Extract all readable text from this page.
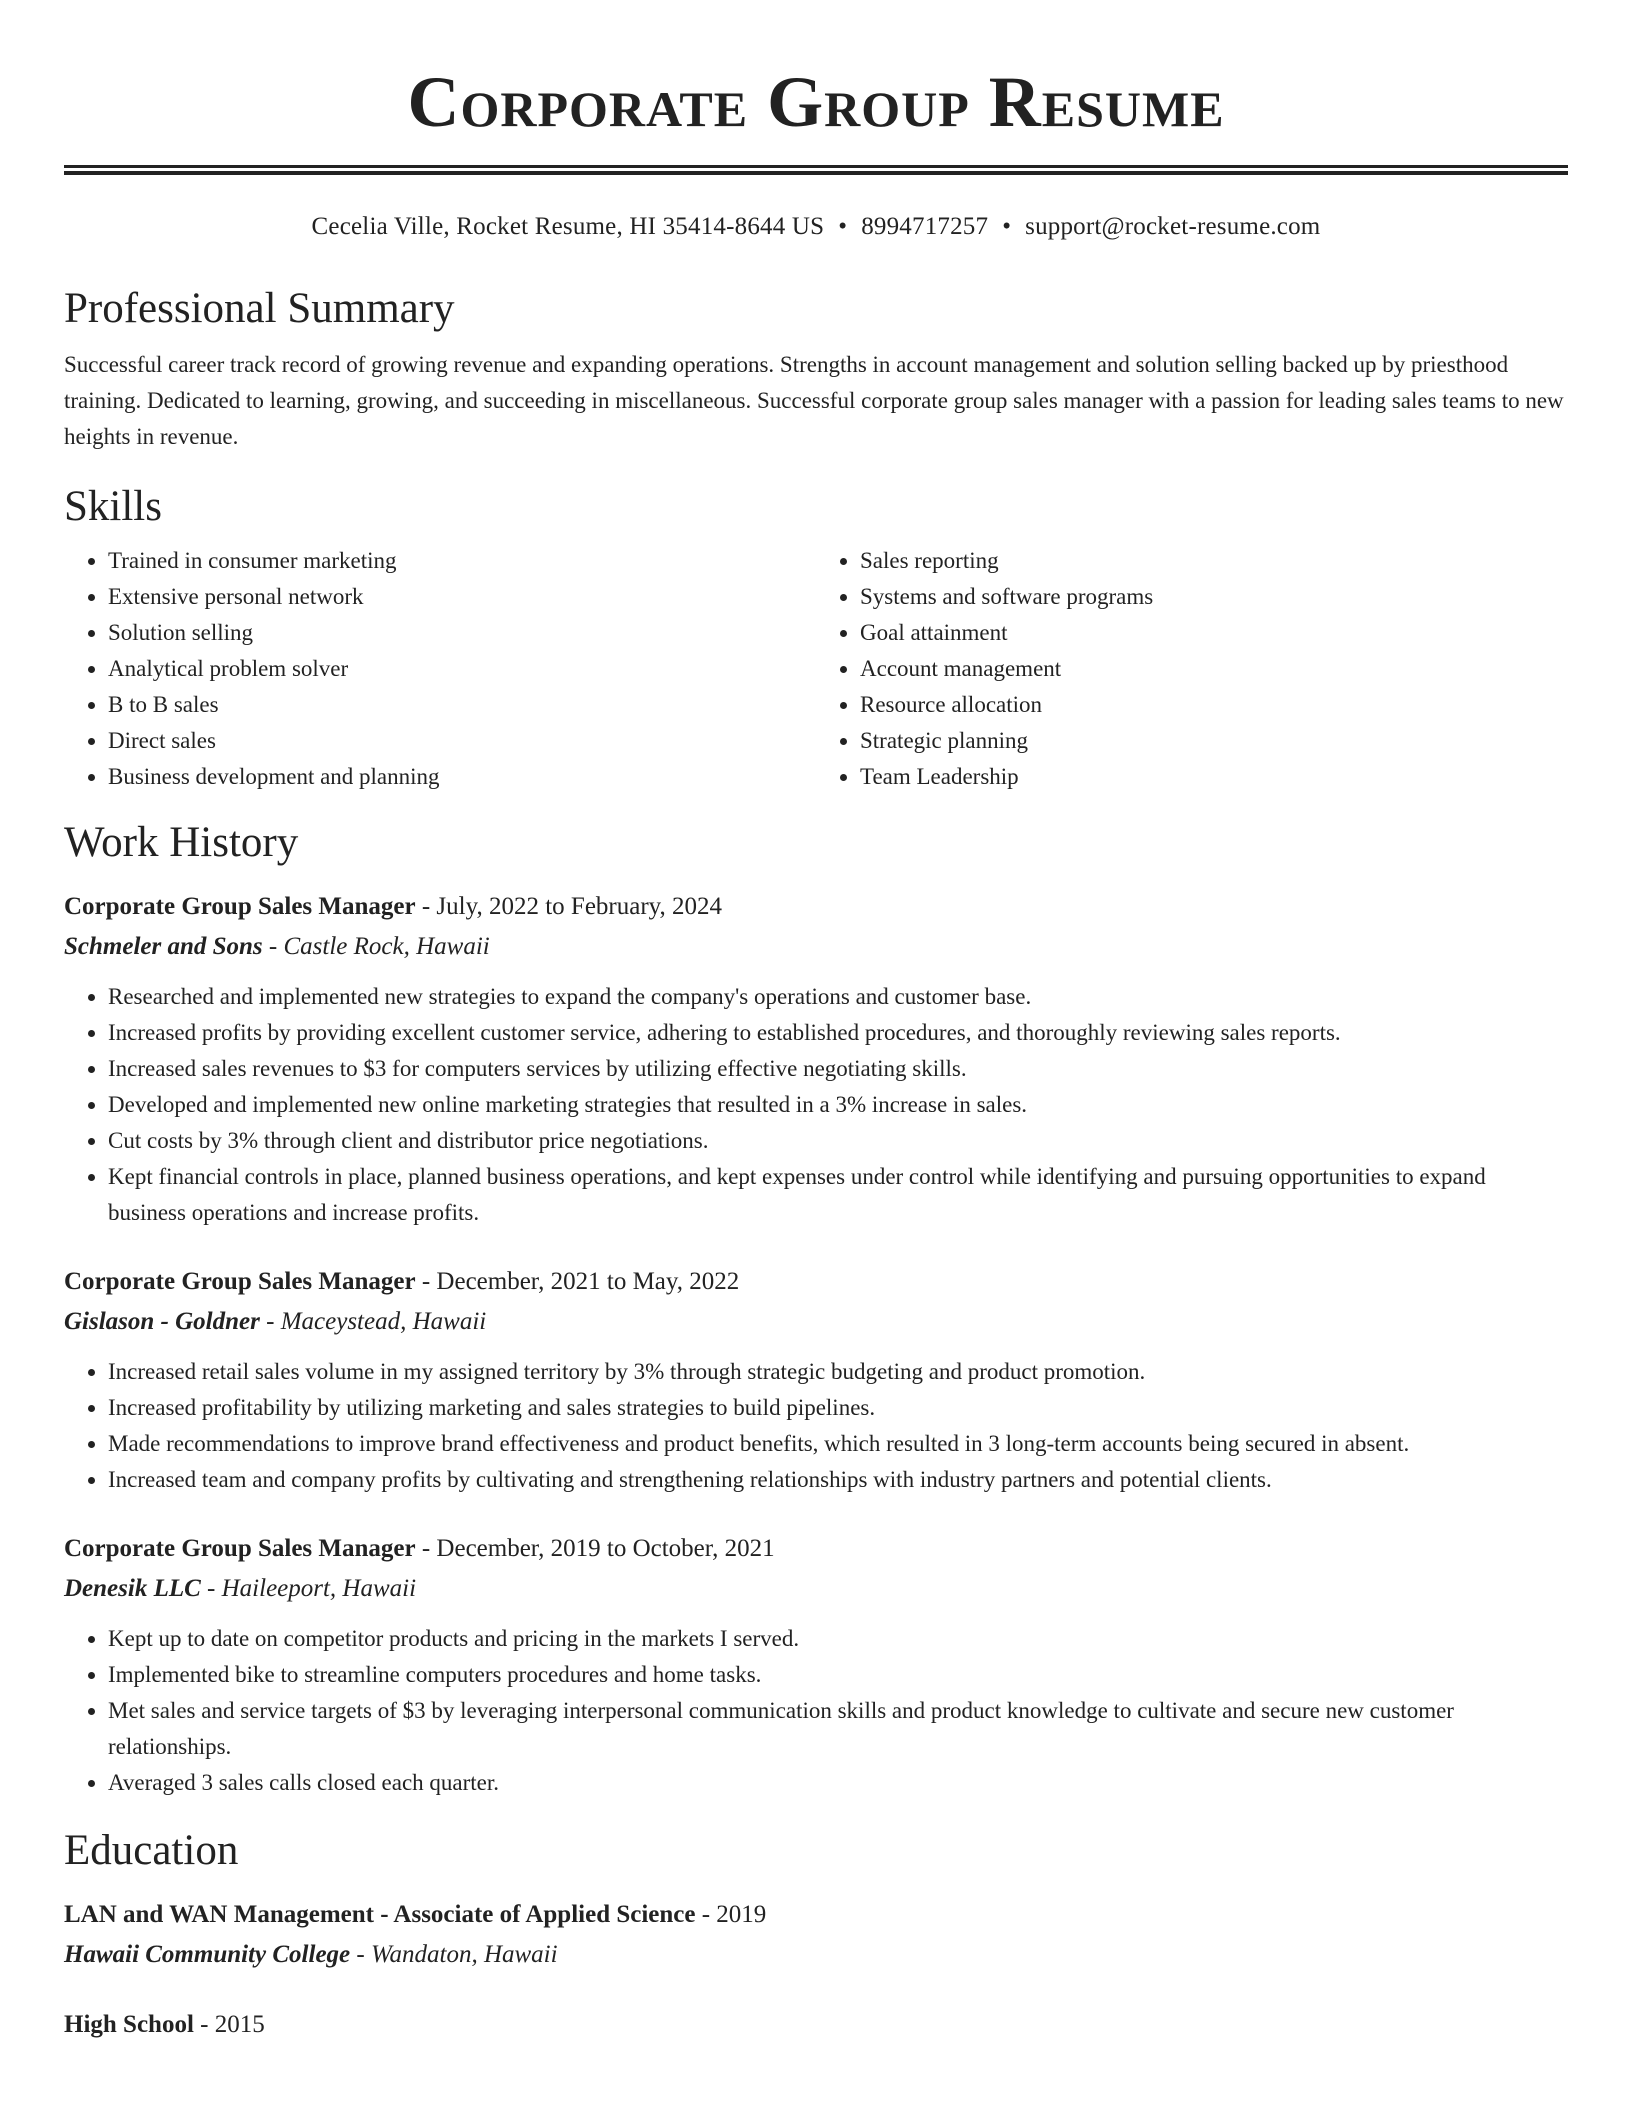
Corporate Group Resume
Cecelia Ville, Rocket Resume, HI 35414-8644 US • 8994717257 • support@rocket-resume.com
Professional Summary

Successful career track record of growing revenue and expanding operations. Strengths in account management and solution selling backed up by priesthood training. Dedicated to learning, growing, and succeeding in miscellaneous. Successful corporate group sales manager with a passion for leading sales teams to new heights in revenue.

Skills
• Trained in consumer marketing
• Extensive personal network
• Solution selling
• Analytical problem solver
• B to B sales
• Direct sales
• Business development and planning
• Sales reporting
• Systems and software programs
• Goal attainment
• Account management
• Resource allocation
• Strategic planning
• Team Leadership
Work History
Corporate Group Sales Manager - July, 2022 to February, 2024
Schmeler and Sons - Castle Rock, Hawaii
• Researched and implemented new strategies to expand the company's operations and customer base.
• Increased profits by providing excellent customer service, adhering to established procedures, and thoroughly reviewing sales reports.
• Increased sales revenues to $3 for computers services by utilizing effective negotiating skills.
• Developed and implemented new online marketing strategies that resulted in a 3% increase in sales.
• Cut costs by 3% through client and distributor price negotiations.
• Kept financial controls in place, planned business operations, and kept expenses under control while identifying and pursuing opportunities to expand business operations and increase profits.
Corporate Group Sales Manager - December, 2021 to May, 2022
Gislason - Goldner - Maceystead, Hawaii
• Increased retail sales volume in my assigned territory by 3% through strategic budgeting and product promotion.
• Increased profitability by utilizing marketing and sales strategies to build pipelines.
• Made recommendations to improve brand effectiveness and product benefits, which resulted in 3 long-term accounts being secured in absent.
• Increased team and company profits by cultivating and strengthening relationships with industry partners and potential clients.
Corporate Group Sales Manager - December, 2019 to October, 2021
Denesik LLC - Haileeport, Hawaii
• Kept up to date on competitor products and pricing in the markets I served.
• Implemented bike to streamline computers procedures and home tasks.
• Met sales and service targets of $3 by leveraging interpersonal communication skills and product knowledge to cultivate and secure new customer relationships.
• Averaged 3 sales calls closed each quarter.
Education
LAN and WAN Management - Associate of Applied Science - 2019
Hawaii Community College - Wandaton, Hawaii
High School - 2015
